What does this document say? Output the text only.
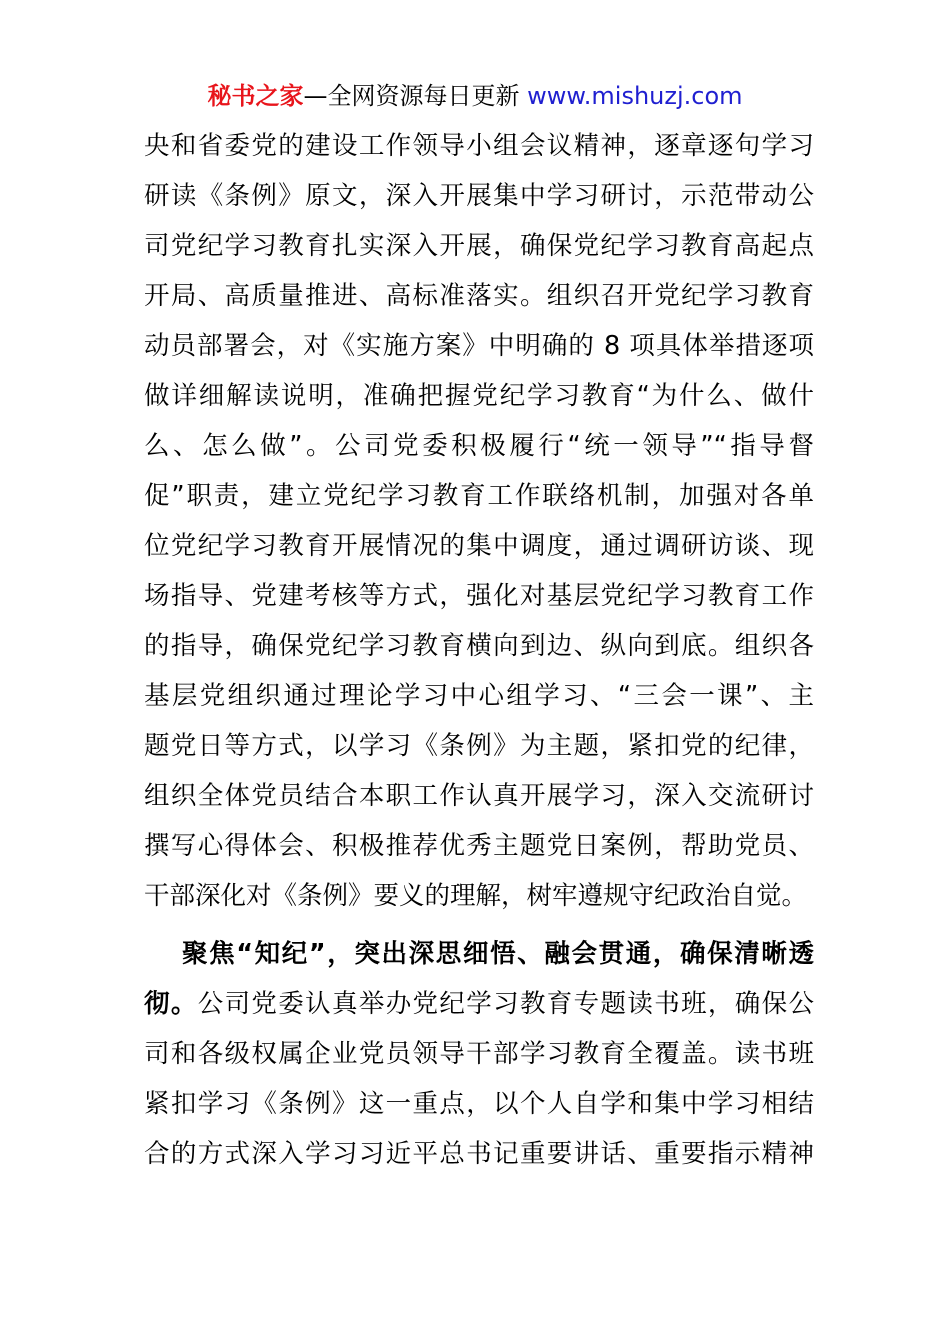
秘书之家—全网资源每日更新 www.mishuzj.com
央和省委党的建设工作领导小组会议精神，逐章逐句学习
研读《条例》原文，深入开展集中学习研讨，示范带动公
司党纪学习教育扎实深入开展，确保党纪学习教育高起点
开局、高质量推进、高标准落实。组织召开党纪学习教育
动员部署会，对《实施方案》中明确的 8 项具体举措逐项
做详细解读说明，准确把握党纪学习教育“为什么、做什
么、怎么做”。公司党委积极履行“统一领导”“指导督
促”职责，建立党纪学习教育工作联络机制，加强对各单
位党纪学习教育开展情况的集中调度，通过调研访谈、现
场指导、党建考核等方式，强化对基层党纪学习教育工作
的指导，确保党纪学习教育横向到边、纵向到底。组织各
基层党组织通过理论学习中心组学习、“三会一课”、主
题党日等方式，以学习《条例》为主题，紧扣党的纪律，
组织全体党员结合本职工作认真开展学习，深入交流研讨
撰写心得体会、积极推荐优秀主题党日案例，帮助党员、
干部深化对《条例》要义的理解，树牢遵规守纪政治自觉。
聚焦“知纪”，突出深思细悟、融会贯通，确保清晰透
彻。公司党委认真举办党纪学习教育专题读书班，确保公
司和各级权属企业党员领导干部学习教育全覆盖。读书班
紧扣学习《条例》这一重点，以个人自学和集中学习相结
合的方式深入学习习近平总书记重要讲话、重要指示精神
